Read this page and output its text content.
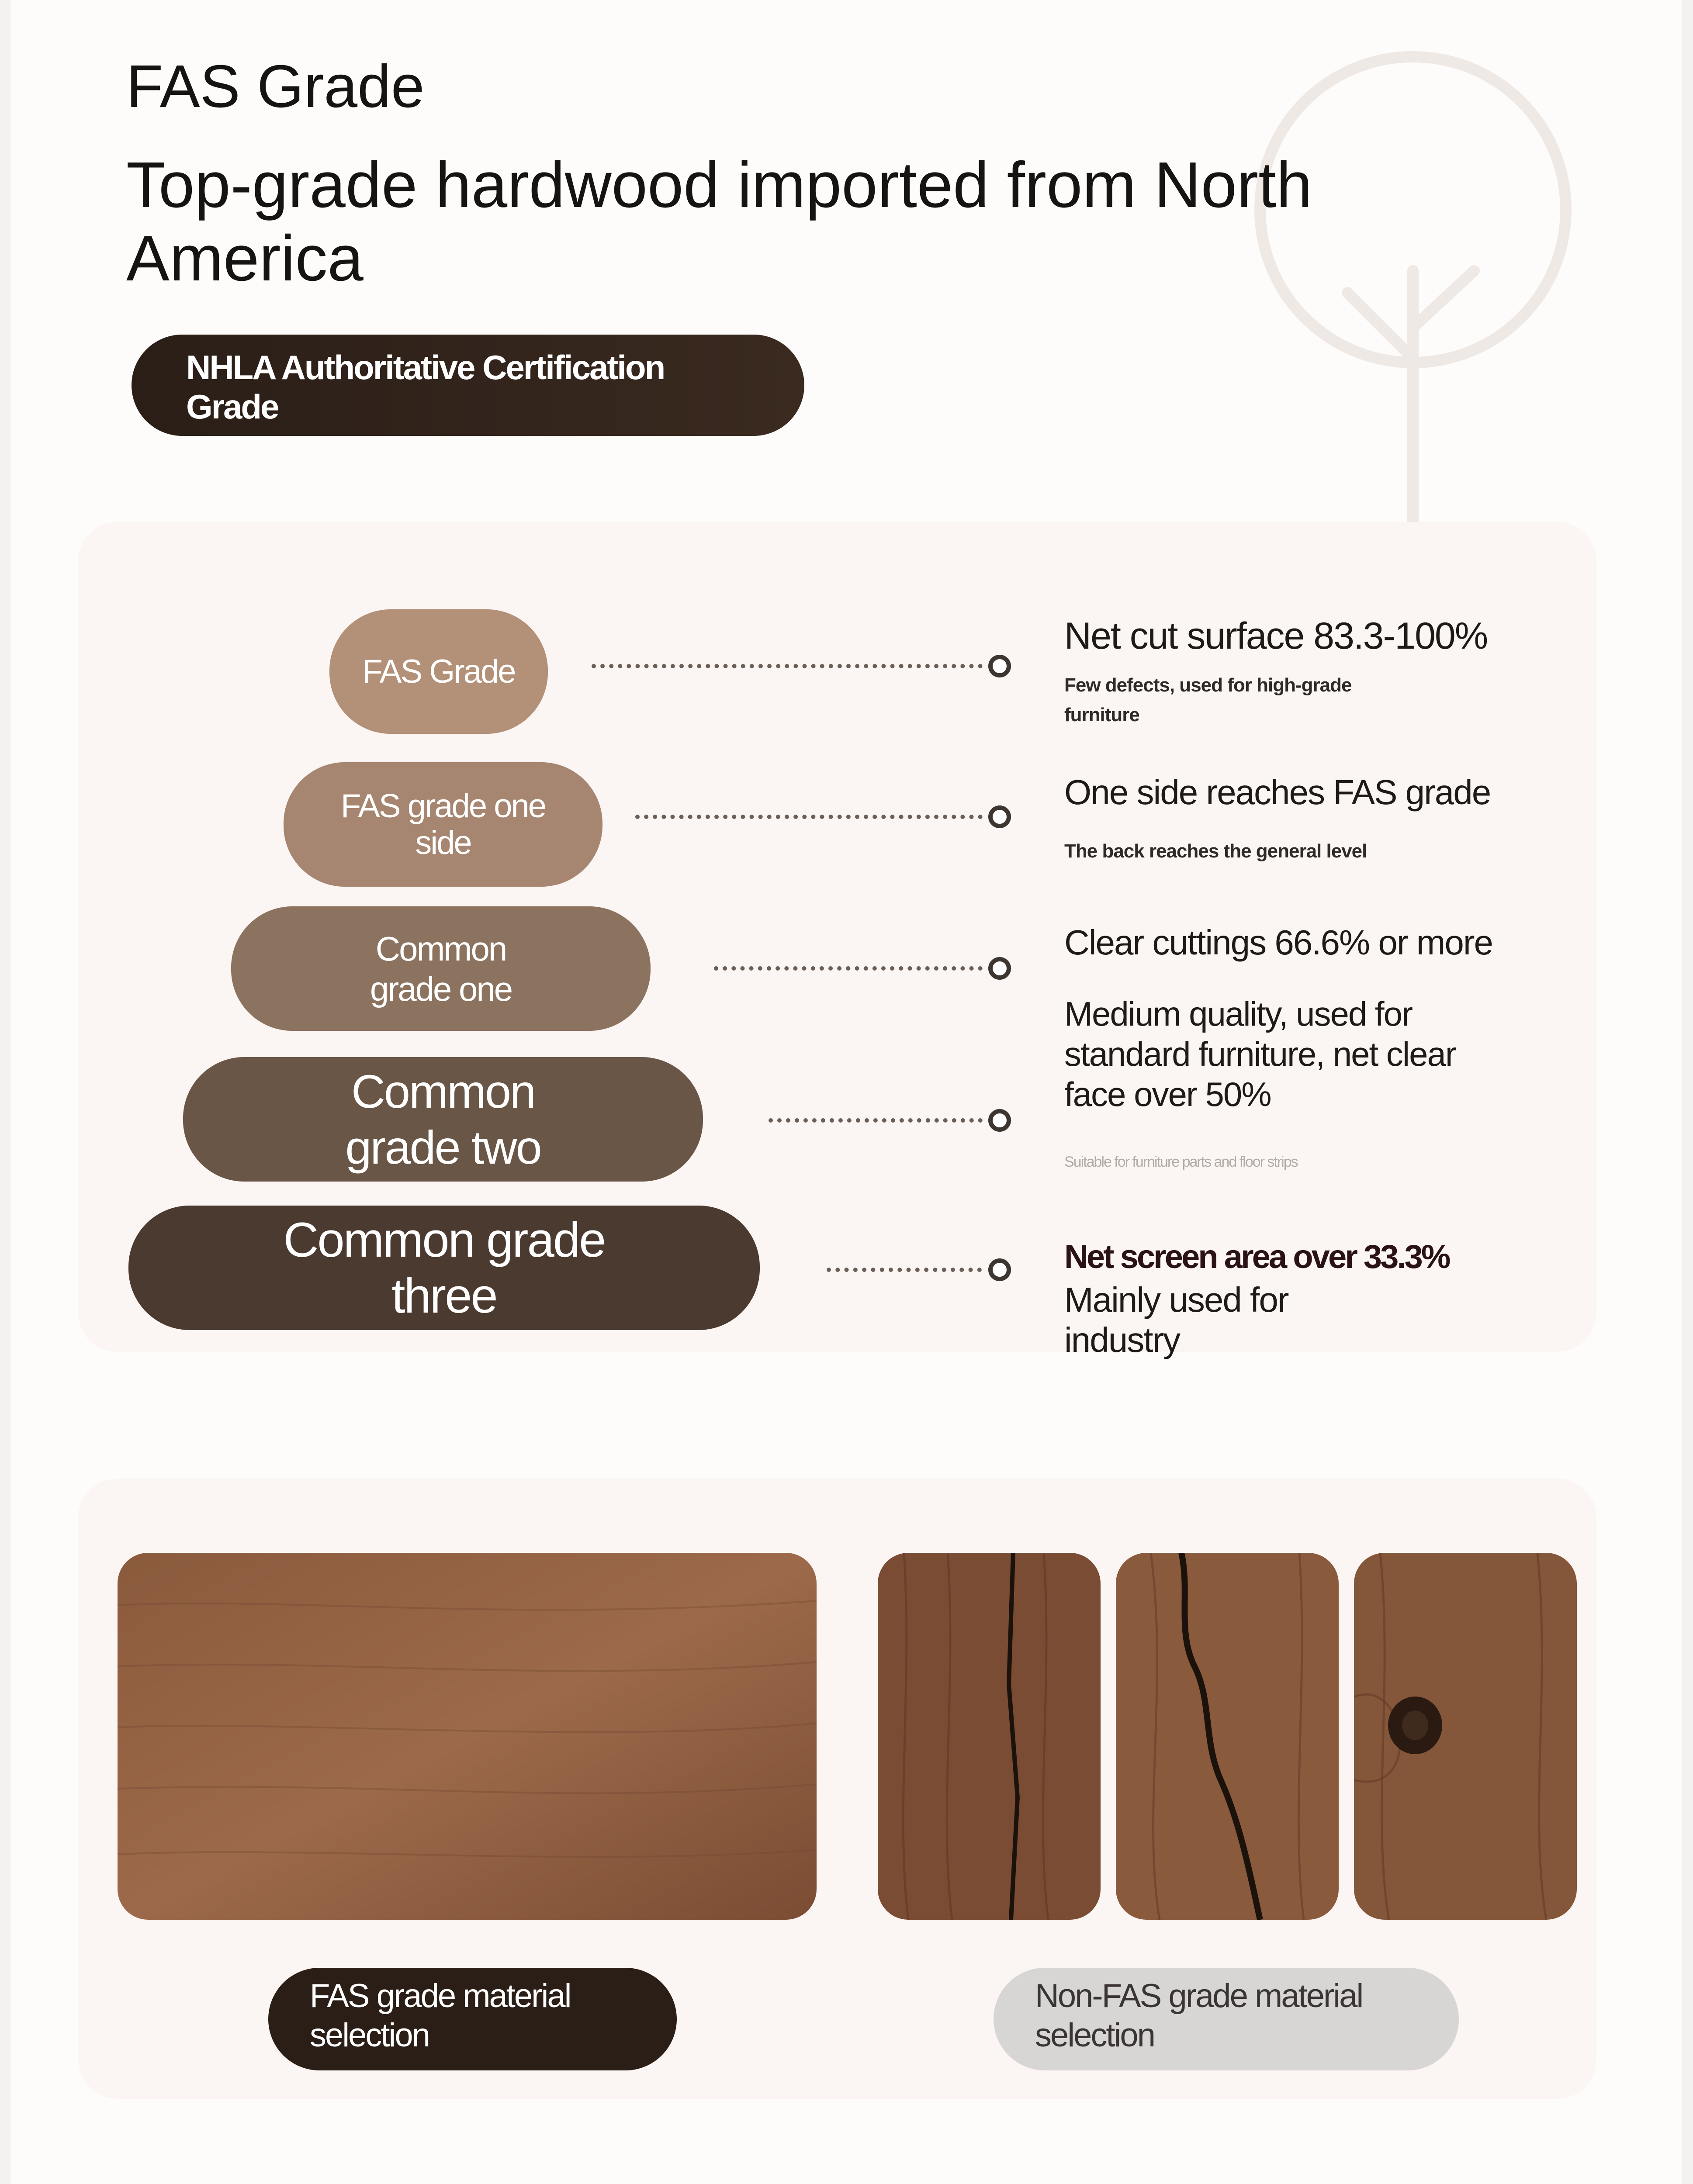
FAS Grade
Top-grade hardwood imported from North America
NHLA Authoritative Certification Grade
FAS Grade
Net cut surface 83.3-100%
Few defects, used for high-grade furniture
FAS grade one side
One side reaches FAS grade
The back reaches the general level
Common grade one
Clear cuttings 66.6% or more
Medium quality, used for standard furniture, net clear face over 50%
Common grade two	Suitable for furniture parts and floor strips
Common grade three
Net screen area over 33.3%
Mainly used for industry
FAS grade material selection
Non-FAS grade material selection
